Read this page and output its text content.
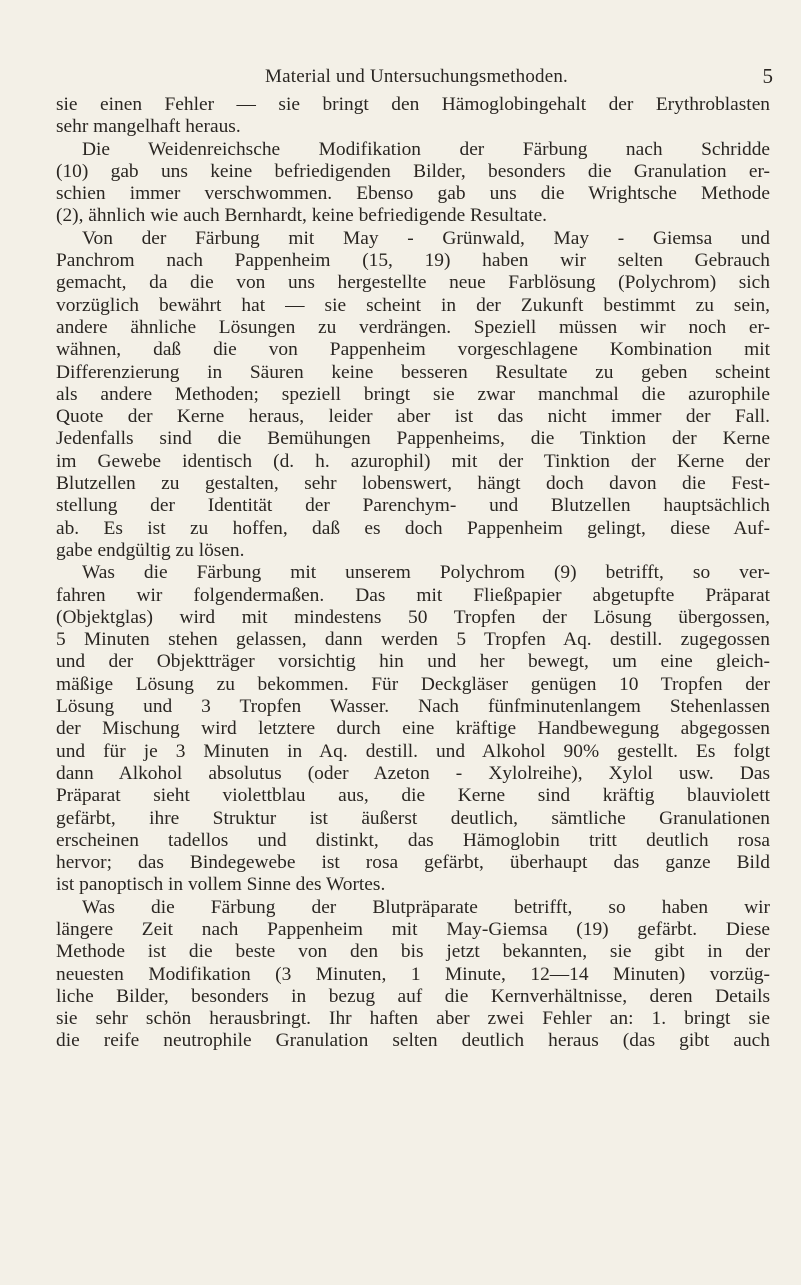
Material und Untersuchungsmethoden.	5
sie einen Fehler — sie bringt den Hämoglobingehalt der Erythroblasten
sehr mangelhaft heraus.
Die Weidenreichsche Modifikation der Färbung nach Schridde
(10) gab uns keine befriedigenden Bilder, besonders die Granulation er-
schien immer verschwommen. Ebenso gab uns die Wrightsche Methode
(2), ähnlich wie auch Bernhardt, keine befriedigende Resultate.
Von der Färbung mit May - Grünwald, May - Giemsa und
Panchrom nach Pappenheim (15, 19) haben wir selten Gebrauch
gemacht, da die von uns hergestellte neue Farblösung (Polychrom) sich
vorzüglich bewährt hat — sie scheint in der Zukunft bestimmt zu sein,
andere ähnliche Lösungen zu verdrängen. Speziell müssen wir noch er-
wähnen, daß die von Pappenheim vorgeschlagene Kombination mit
Differenzierung in Säuren keine besseren Resultate zu geben scheint
als andere Methoden; speziell bringt sie zwar manchmal die azurophile
Quote der Kerne heraus, leider aber ist das nicht immer der Fall.
Jedenfalls sind die Bemühungen Pappenheims, die Tinktion der Kerne
im Gewebe identisch (d. h. azurophil) mit der Tinktion der Kerne der
Blutzellen zu gestalten, sehr lobenswert, hängt doch davon die Fest-
stellung der Identität der Parenchym- und Blutzellen hauptsächlich
ab. Es ist zu hoffen, daß es doch Pappenheim gelingt, diese Auf-
gabe endgültig zu lösen.
Was die Färbung mit unserem Polychrom (9) betrifft, so ver-
fahren wir folgendermaßen. Das mit Fließpapier abgetupfte Präparat
(Objektglas) wird mit mindestens 50 Tropfen der Lösung übergossen,
5 Minuten stehen gelassen, dann werden 5 Tropfen Aq. destill. zugegossen
und der Objektträger vorsichtig hin und her bewegt, um eine gleich-
mäßige Lösung zu bekommen. Für Deckgläser genügen 10 Tropfen der
Lösung und 3 Tropfen Wasser. Nach fünfminutenlangem Stehenlassen
der Mischung wird letztere durch eine kräftige Handbewegung abgegossen
und für je 3 Minuten in Aq. destill. und Alkohol 90% gestellt. Es folgt
dann Alkohol absolutus (oder Azeton - Xylolreihe), Xylol usw. Das
Präparat sieht violettblau aus, die Kerne sind kräftig blauviolett
gefärbt, ihre Struktur ist äußerst deutlich, sämtliche Granulationen
erscheinen tadellos und distinkt, das Hämoglobin tritt deutlich rosa
hervor; das Bindegewebe ist rosa gefärbt, überhaupt das ganze Bild
ist panoptisch in vollem Sinne des Wortes.
Was die Färbung der Blutpräparate betrifft, so haben wir
längere Zeit nach Pappenheim mit May-Giemsa (19) gefärbt. Diese
Methode ist die beste von den bis jetzt bekannten, sie gibt in der
neuesten Modifikation (3 Minuten, 1 Minute, 12—14 Minuten) vorzüg-
liche Bilder, besonders in bezug auf die Kernverhältnisse, deren Details
sie sehr schön herausbringt. Ihr haften aber zwei Fehler an: 1. bringt sie
die reife neutrophile Granulation selten deutlich heraus (das gibt auch
